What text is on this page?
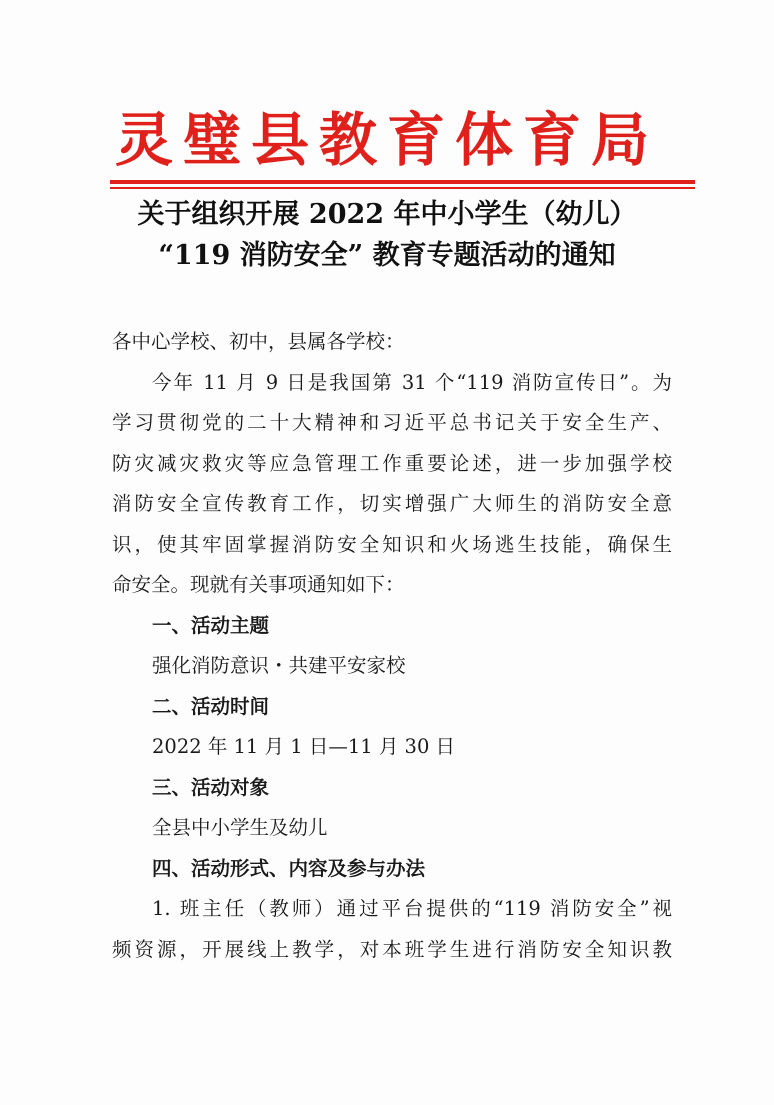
灵璧县教育体育局
关于组织开展 2022 年中小学生（幼儿）
“119 消防安全” 教育专题活动的通知
各中心学校、初中，县属各学校：
今年 11 月 9 日是我国第 31 个“119 消防宣传日”。为
学习贯彻党的二十大精神和习近平总书记关于安全生产、
防灾减灾救灾等应急管理工作重要论述，进一步加强学校
消防安全宣传教育工作，切实增强广大师生的消防安全意
识，使其牢固掌握消防安全知识和火场逃生技能，确保生
命安全。现就有关事项通知如下：
一、活动主题
强化消防意识・共建平安家校
二、活动时间
2022 年 11 月 1 日—11 月 30 日
三、活动对象
全县中小学生及幼儿
四、活动形式、内容及参与办法
1. 班主任（教师）通过平台提供的“119 消防安全”视
频资源，开展线上教学，对本班学生进行消防安全知识教
